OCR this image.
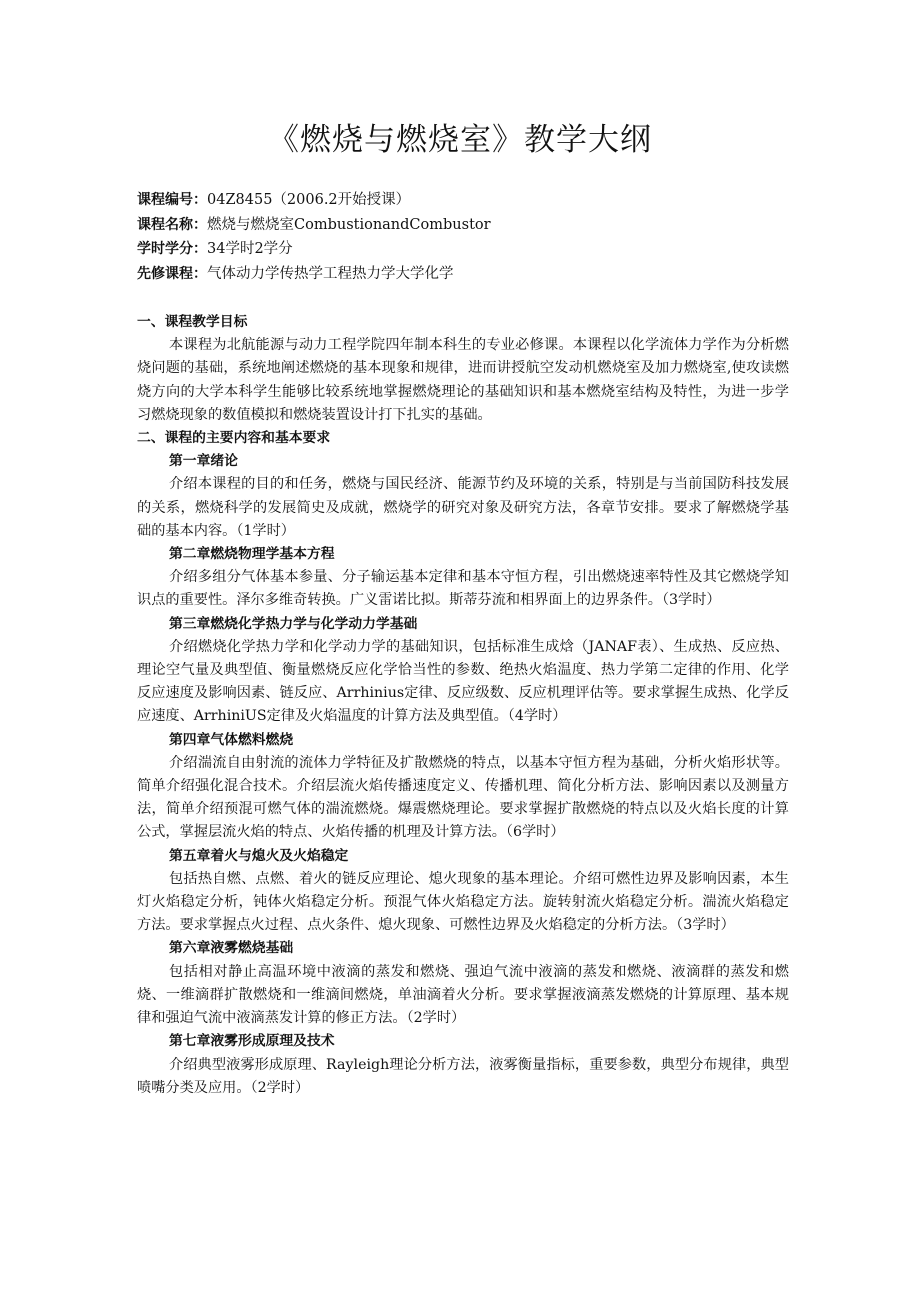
《燃烧与燃烧室》教学大纲
课程编号：04Z8455（2006.2开始授课）
课程名称：燃烧与燃烧室CombustionandCombustor
学时学分：34学时2学分
先修课程：气体动力学传热学工程热力学大学化学
一、课程教学目标

本课程为北航能源与动力工程学院四年制本科生的专业必修课。本课程以化学流体力学作为分析燃烧问题的基础，系统地阐述燃烧的基本现象和规律，进而讲授航空发动机燃烧室及加力燃烧室,使攻读燃烧方向的大学本科学生能够比较系统地掌握燃烧理论的基础知识和基本燃烧室结构及特性，为进一步学习燃烧现象的数值模拟和燃烧装置设计打下扎实的基础。

二、课程的主要内容和基本要求
第一章绪论

介绍本课程的目的和任务，燃烧与国民经济、能源节约及环境的关系，特别是与当前国防科技发展的关系，燃烧科学的发展简史及成就，燃烧学的研究对象及研究方法，各章节安排。要求了解燃烧学基础的基本内容。（1学时）

第二章燃烧物理学基本方程

介绍多组分气体基本参量、分子输运基本定律和基本守恒方程，引出燃烧速率特性及其它燃烧学知识点的重要性。泽尔多维奇转换。广义雷诺比拟。斯蒂芬流和相界面上的边界条件。（3学时）

第三章燃烧化学热力学与化学动力学基础

介绍燃烧化学热力学和化学动力学的基础知识，包括标准生成焓（JANAF表）、生成热、反应热、理论空气量及典型值、衡量燃烧反应化学恰当性的参数、绝热火焰温度、热力学第二定律的作用、化学反应速度及影响因素、链反应、Arrhinius定律、反应级数、反应机理评估等。要求掌握生成热、化学反应速度、ArrhiniUS定律及火焰温度的计算方法及典型值。（4学时）

第四章气体燃料燃烧

介绍湍流自由射流的流体力学特征及扩散燃烧的特点，以基本守恒方程为基础，分析火焰形状等。简单介绍强化混合技术。介绍层流火焰传播速度定义、传播机理、简化分析方法、影响因素以及测量方法，简单介绍预混可燃气体的湍流燃烧。爆震燃烧理论。要求掌握扩散燃烧的特点以及火焰长度的计算公式，掌握层流火焰的特点、火焰传播的机理及计算方法。（6学时）

第五章着火与熄火及火焰稳定

包括热自燃、点燃、着火的链反应理论、熄火现象的基本理论。介绍可燃性边界及影响因素，本生灯火焰稳定分析，钝体火焰稳定分析。预混气体火焰稳定方法。旋转射流火焰稳定分析。湍流火焰稳定方法。要求掌握点火过程、点火条件、熄火现象、可燃性边界及火焰稳定的分析方法。（3学时）

第六章液雾燃烧基础

包括相对静止高温环境中液滴的蒸发和燃烧、强迫气流中液滴的蒸发和燃烧、液滴群的蒸发和燃烧、一维滴群扩散燃烧和一维滴间燃烧，单油滴着火分析。要求掌握液滴蒸发燃烧的计算原理、基本规律和强迫气流中液滴蒸发计算的修正方法。（2学时）

第七章液雾形成原理及技术

介绍典型液雾形成原理、Rayleigh理论分析方法，液雾衡量指标，重要参数，典型分布规律，典型喷嘴分类及应用。（2学时）
